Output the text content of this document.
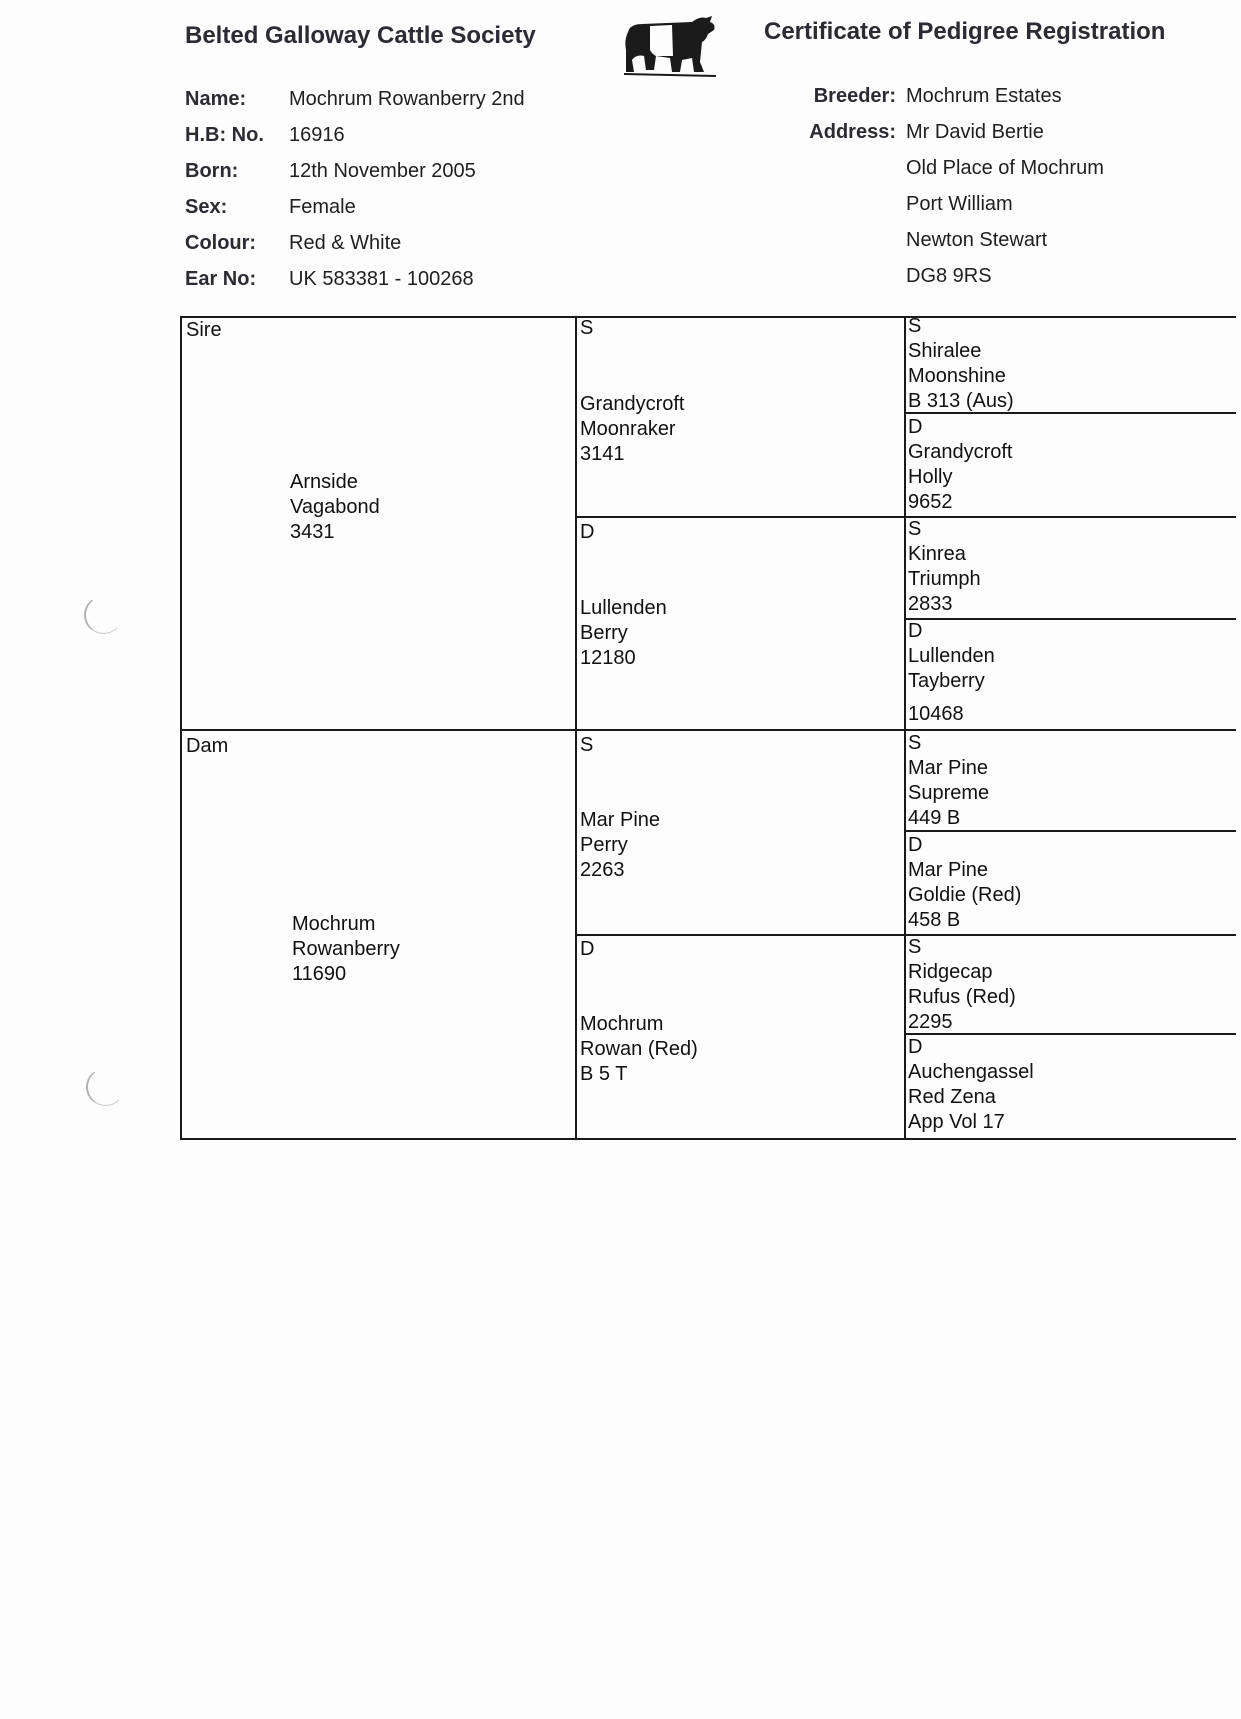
Belted Galloway Cattle Society	Certificate of Pedigree Registration
Name: Mochrum Rowanberry 2nd
H.B: No. 16916
Born:	12th November 2005
Sex:	Female
Colour: Red & White
Ear No: UK 583381 - 100268
Breeder: Mochrum Estates
Address: Mr David Bertie
Old Place of Mochrum
Port William
Newton Stewart
DG8 9RS
Sire
Arnside
Vagabond
3431
Dam
Mochrum
Rowanberry
11690
S
Grandycroft
Moonraker
3141
D
Lullenden
Berry
12180
S
Mar Pine
Perry
2263
D
Mochrum
Rowan (Red)
B 5 T
S
Shiralee
Moonshine
B 313 (Aus)
D
Grandycroft
Holly
9652
S
Kinrea
Triumph
2833
D
Lullenden
Tayberry
10468
S
Mar Pine
Supreme
449 B
D
Mar Pine
Goldie (Red)
458 B
S
Ridgecap
Rufus (Red)
2295
D
Auchengassel
Red Zena
App Vol 17
